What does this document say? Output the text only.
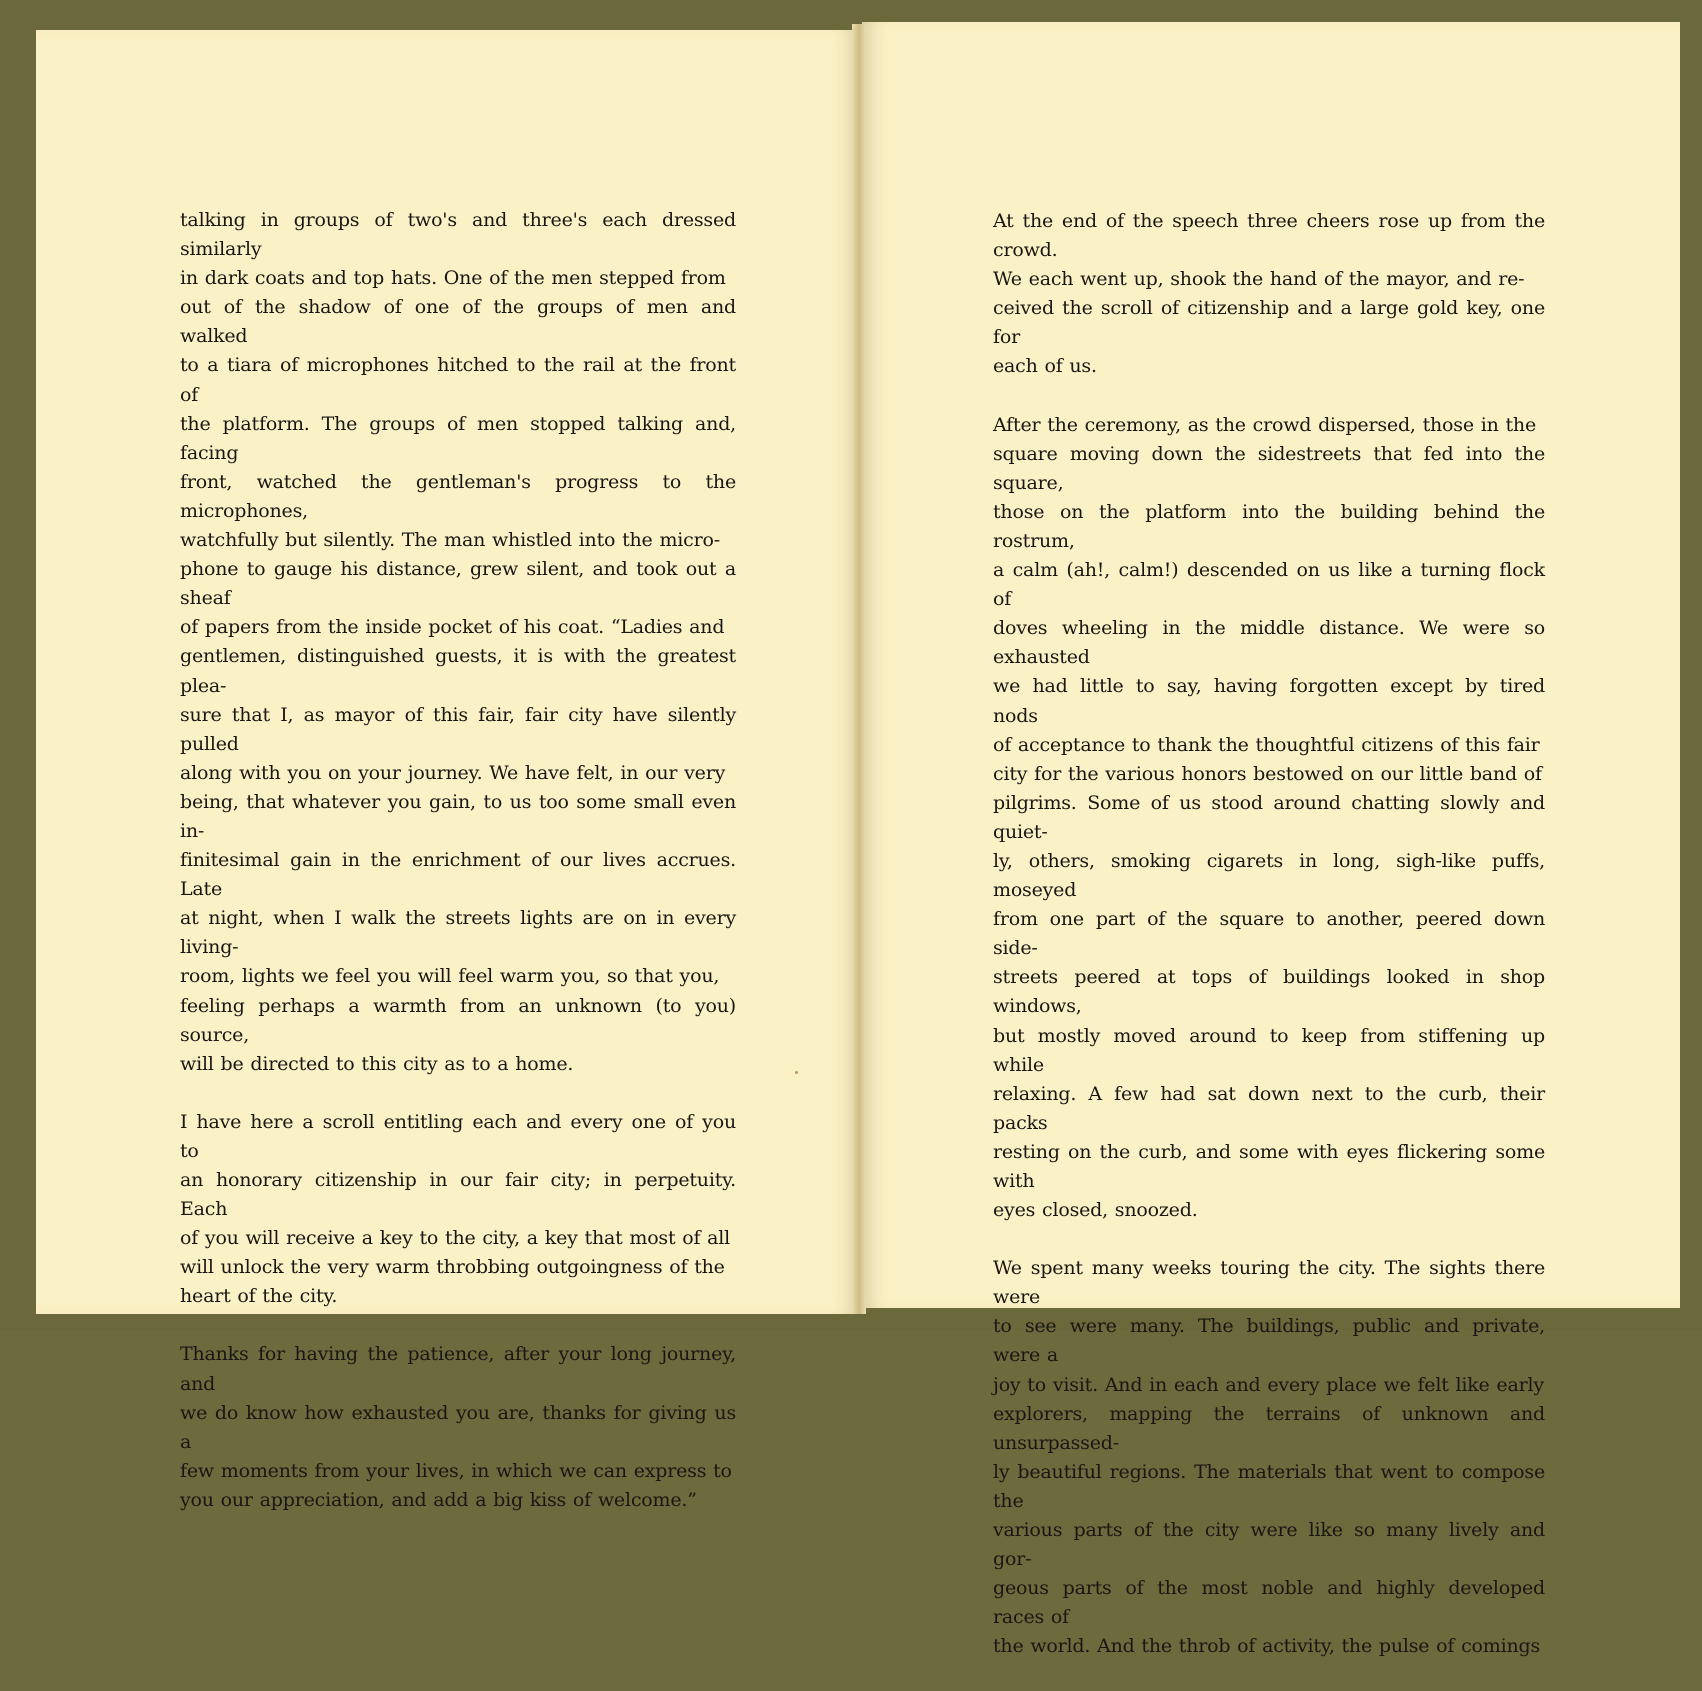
talking in groups of two's and three's each dressed similarly
in dark coats and top hats. One of the men stepped from
out of the shadow of one of the groups of men and walked
to a tiara of microphones hitched to the rail at the front of
the platform. The groups of men stopped talking and, facing
front, watched the gentleman's progress to the microphones,
watchfully but silently. The man whistled into the micro-
phone to gauge his distance, grew silent, and took out a sheaf
of papers from the inside pocket of his coat. “Ladies and
gentlemen, distinguished guests, it is with the greatest plea-
sure that I, as mayor of this fair, fair city have silently pulled
along with you on your journey. We have felt, in our very
being, that whatever you gain, to us too some small even in-
finitesimal gain in the enrichment of our lives accrues. Late
at night, when I walk the streets lights are on in every living-
room, lights we feel you will feel warm you, so that you,
feeling perhaps a warmth from an unknown (to you) source,
will be directed to this city as to a home.

I have here a scroll entitling each and every one of you to
an honorary citizenship in our fair city; in perpetuity. Each
of you will receive a key to the city, a key that most of all
will unlock the very warm throbbing outgoingness of the
heart of the city.

Thanks for having the patience, after your long journey, and
we do know how exhausted you are, thanks for giving us a
few moments from your lives, in which we can express to
you our appreciation, and add a big kiss of welcome.”

At the end of the speech three cheers rose up from the crowd.
We each went up, shook the hand of the mayor, and re-
ceived the scroll of citizenship and a large gold key, one for
each of us.

After the ceremony, as the crowd dispersed, those in the
square moving down the sidestreets that fed into the square,
those on the platform into the building behind the rostrum,
a calm (ah!, calm!) descended on us like a turning flock of
doves wheeling in the middle distance. We were so exhausted
we had little to say, having forgotten except by tired nods
of acceptance to thank the thoughtful citizens of this fair
city for the various honors bestowed on our little band of
pilgrims. Some of us stood around chatting slowly and quiet-
ly, others, smoking cigarets in long, sigh-like puffs, moseyed
from one part of the square to another, peered down side-
streets peered at tops of buildings looked in shop windows,
but mostly moved around to keep from stiffening up while
relaxing. A few had sat down next to the curb, their packs
resting on the curb, and some with eyes flickering some with
eyes closed, snoozed.

We spent many weeks touring the city. The sights there were
to see were many. The buildings, public and private, were a
joy to visit. And in each and every place we felt like early
explorers, mapping the terrains of unknown and unsurpassed-
ly beautiful regions. The materials that went to compose the
various parts of the city were like so many lively and gor-
geous parts of the most noble and highly developed races of
the world. And the throb of activity, the pulse of comings
